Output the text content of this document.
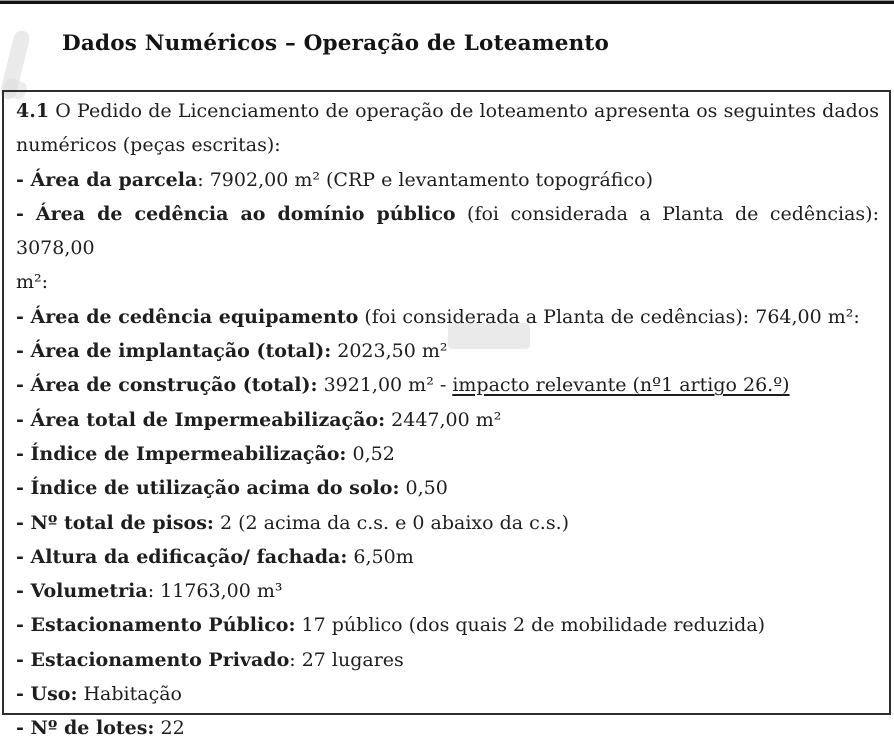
Dados Numéricos – Operação de Loteamento
4.1 O Pedido de Licenciamento de operação de loteamento apresenta os seguintes dados
numéricos (peças escritas):
- Área da parcela: 7902,00 m² (CRP e levantamento topográfico)
- Área de cedência ao domínio público (foi considerada a Planta de cedências): 3078,00
m²:
- Área de cedência equipamento (foi considerada a Planta de cedências): 764,00 m²:
- Área de implantação (total): 2023,50 m²
- Área de construção (total): 3921,00 m² - impacto relevante (nº1 artigo 26.º)
- Área total de Impermeabilização: 2447,00 m²
- Índice de Impermeabilização: 0,52
- Índice de utilização acima do solo: 0,50
- Nº total de pisos: 2 (2 acima da c.s. e 0 abaixo da c.s.)
- Altura da edificação/ fachada: 6,50m
- Volumetria: 11763,00 m³
- Estacionamento Público: 17 público (dos quais 2 de mobilidade reduzida)
- Estacionamento Privado: 27 lugares
- Uso: Habitação
- Nº de lotes: 22
